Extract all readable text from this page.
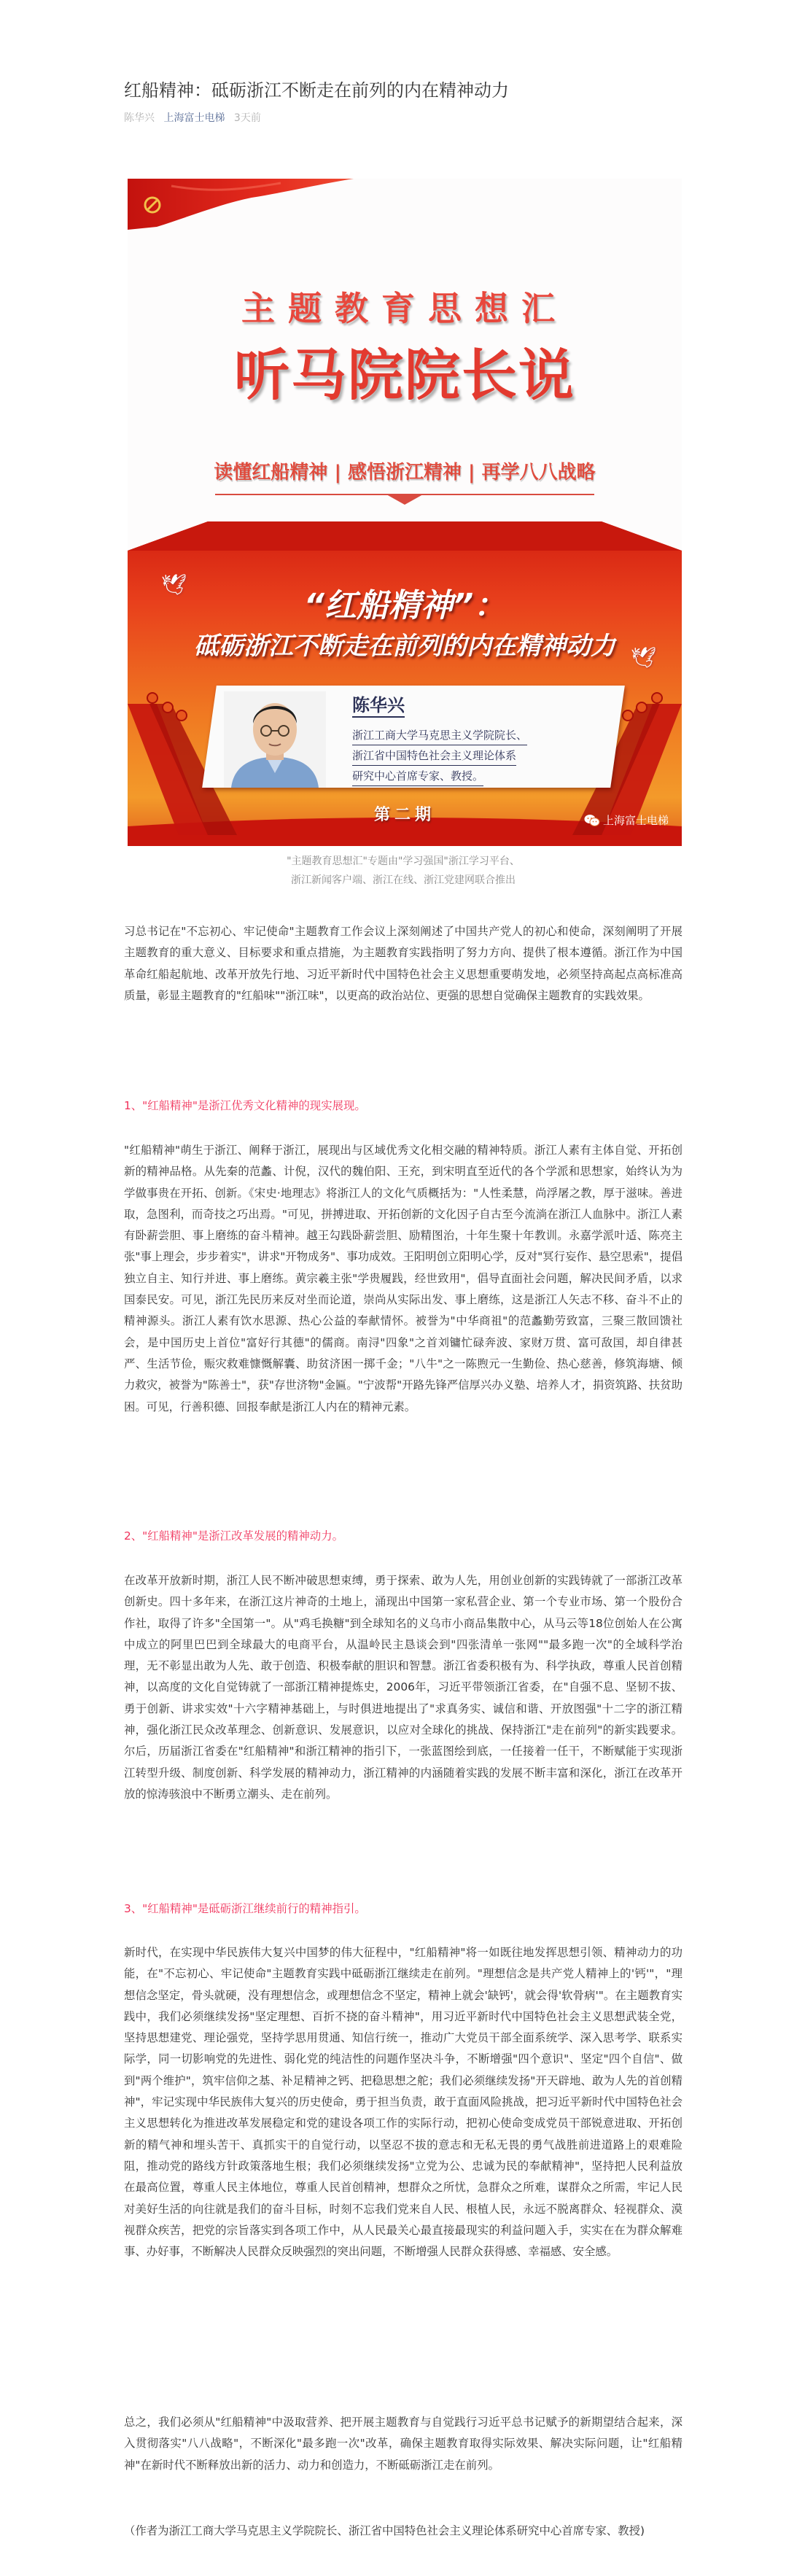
红船精神：砥砺浙江不断走在前列的内在精神动力
陈华兴 上海富士电梯 3天前
主题教育思想汇
听马院院长说
读懂红船精神 | 感悟浙江精神 | 再学八八战略
🕊
🕊
“红船精神”：
砥砺浙江不断走在前列的内在精神动力
陈华兴
浙江工商大学马克思主义学院院长、
浙江省中国特色社会主义理论体系
研究中心首席专家、教授。
第二期	上海富士电梯
"主题教育思想汇"专题由"学习强国"浙江学习平台、
浙江新闻客户端、浙江在线、浙江党建网联合推出

习总书记在"不忘初心、牢记使命"主题教育工作会议上深刻阐述了中国共产党人的初心和使命，深刻阐明了开展主题教育的重大意义、目标要求和重点措施，为主题教育实践指明了努力方向、提供了根本遵循。浙江作为中国革命红船起航地、改革开放先行地、习近平新时代中国特色社会主义思想重要萌发地，必须坚持高起点高标准高质量，彰显主题教育的"红船味""浙江味"，以更高的政治站位、更强的思想自觉确保主题教育的实践效果。

1、"红船精神"是浙江优秀文化精神的现实展现。

"红船精神"萌生于浙江、阐释于浙江，展现出与区域优秀文化相交融的精神特质。浙江人素有主体自觉、开拓创新的精神品格。从先秦的范蠡、计倪，汉代的魏伯阳、王充，到宋明直至近代的各个学派和思想家，始终认为为学做事贵在开拓、创新。《宋史·地理志》将浙江人的文化气质概括为："人性柔慧，尚浮屠之教，厚于滋味。善进取，急图利，而奇技之巧出焉。"可见，拼搏进取、开拓创新的文化因子自古至今流淌在浙江人血脉中。浙江人素有卧薪尝胆、事上磨练的奋斗精神。越王勾践卧薪尝胆、励精图治，十年生聚十年教训。永嘉学派叶适、陈亮主张"事上理会，步步着实"，讲求"开物成务"、事功成效。王阳明创立阳明心学，反对"冥行妄作、悬空思索"，提倡独立自主、知行并进、事上磨练。黄宗羲主张"学贵履践，经世致用"，倡导直面社会问题，解决民间矛盾，以求国泰民安。可见，浙江先民历来反对坐而论道，崇尚从实际出发、事上磨练，这是浙江人矢志不移、奋斗不止的精神源头。浙江人素有饮水思源、热心公益的奉献情怀。被誉为"中华商祖"的范蠡勤劳致富，三聚三散回馈社会，是中国历史上首位"富好行其德"的儒商。南浔"四象"之首刘镛忙碌奔波、家财万贯、富可敌国，却自律甚严、生活节俭，赈灾救难慷慨解囊、助贫济困一掷千金；"八牛"之一陈煦元一生勤俭、热心慈善，修筑海塘、倾力救灾，被誉为"陈善士"，获"存世济物"金匾。"宁波帮"开路先锋严信厚兴办义塾、培养人才，捐资筑路、扶贫助困。可见，行善积德、回报奉献是浙江人内在的精神元素。

2、"红船精神"是浙江改革发展的精神动力。

在改革开放新时期，浙江人民不断冲破思想束缚，勇于探索、敢为人先，用创业创新的实践铸就了一部浙江改革创新史。四十多年来，在浙江这片神奇的土地上，涌现出中国第一家私营企业、第一个专业市场、第一个股份合作社，取得了许多"全国第一"。从"鸡毛换糖"到全球知名的义乌市小商品集散中心，从马云等18位创始人在公寓中成立的阿里巴巴到全球最大的电商平台，从温岭民主恳谈会到"四张清单一张网""最多跑一次"的全域科学治理，无不彰显出敢为人先、敢于创造、积极奉献的胆识和智慧。浙江省委积极有为、科学执政，尊重人民首创精神，以高度的文化自觉铸就了一部浙江精神提炼史，2006年，习近平带领浙江省委，在"自强不息、坚韧不拔、勇于创新、讲求实效"十六字精神基础上，与时俱进地提出了"求真务实、诚信和谐、开放图强"十二字的浙江精神，强化浙江民众改革理念、创新意识、发展意识，以应对全球化的挑战、保持浙江"走在前列"的新实践要求。尔后，历届浙江省委在"红船精神"和浙江精神的指引下，一张蓝图绘到底，一任接着一任干，不断赋能于实现浙江转型升级、制度创新、科学发展的精神动力，浙江精神的内涵随着实践的发展不断丰富和深化，浙江在改革开放的惊涛骇浪中不断勇立潮头、走在前列。

3、"红船精神"是砥砺浙江继续前行的精神指引。

新时代，在实现中华民族伟大复兴中国梦的伟大征程中，"红船精神"将一如既往地发挥思想引领、精神动力的功能，在"不忘初心、牢记使命"主题教育实践中砥砺浙江继续走在前列。"理想信念是共产党人精神上的'钙'"，"理想信念坚定，骨头就硬，没有理想信念，或理想信念不坚定，精神上就会'缺钙'，就会得'软骨病'"。在主题教育实践中，我们必须继续发扬"坚定理想、百折不挠的奋斗精神"，用习近平新时代中国特色社会主义思想武装全党，坚持思想建党、理论强党，坚持学思用贯通、知信行统一，推动广大党员干部全面系统学、深入思考学、联系实际学，同一切影响党的先进性、弱化党的纯洁性的问题作坚决斗争，不断增强"四个意识"、坚定"四个自信"、做到"两个维护"，筑牢信仰之基、补足精神之钙、把稳思想之舵；我们必须继续发扬"开天辟地、敢为人先的首创精神"，牢记实现中华民族伟大复兴的历史使命，勇于担当负责，敢于直面风险挑战，把习近平新时代中国特色社会主义思想转化为推进改革发展稳定和党的建设各项工作的实际行动，把初心使命变成党员干部锐意进取、开拓创新的精气神和埋头苦干、真抓实干的自觉行动，以坚忍不拔的意志和无私无畏的勇气战胜前进道路上的艰难险阻，推动党的路线方针政策落地生根；我们必须继续发扬"立党为公、忠诚为民的奉献精神"，坚持把人民利益放在最高位置，尊重人民主体地位，尊重人民首创精神，想群众之所忧，急群众之所难，谋群众之所需，牢记人民对美好生活的向往就是我们的奋斗目标，时刻不忘我们党来自人民、根植人民，永远不脱离群众、轻视群众、漠视群众疾苦，把党的宗旨落实到各项工作中，从人民最关心最直接最现实的利益问题入手，实实在在为群众解难事、办好事，不断解决人民群众反映强烈的突出问题，不断增强人民群众获得感、幸福感、安全感。

总之，我们必须从"红船精神"中汲取营养、把开展主题教育与自觉践行习近平总书记赋予的新期望结合起来，深入贯彻落实"八八战略"，不断深化"最多跑一次"改革，确保主题教育取得实际效果、解决实际问题，让"红船精神"在新时代不断释放出新的活力、动力和创造力，不断砥砺浙江走在前列。

（作者为浙江工商大学马克思主义学院院长、浙江省中国特色社会主义理论体系研究中心首席专家、教授)
